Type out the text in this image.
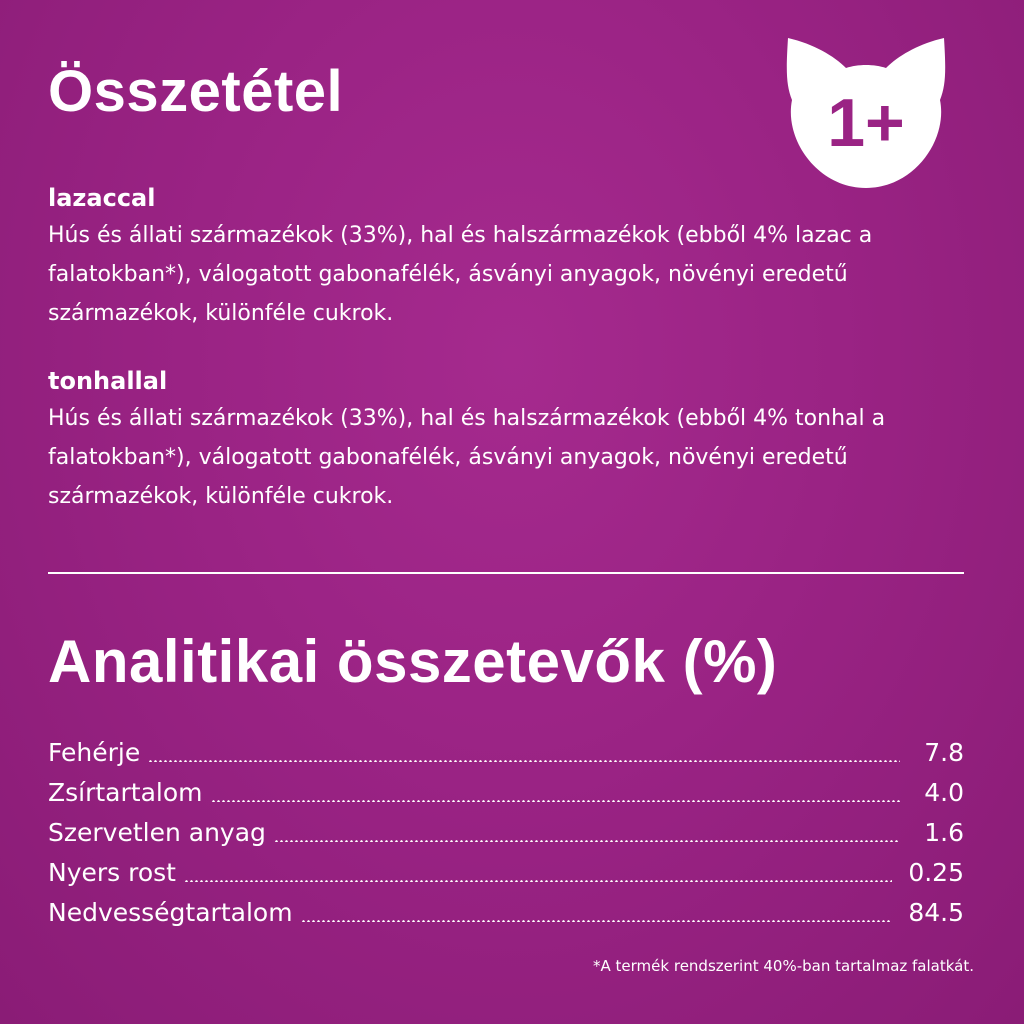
Összetétel	1+

lazaccal

Hús és állati származékok (33%), hal és halszármazékok (ebből 4% lazac a falatokban*), válogatott gabonafélék, ásványi anyagok, növényi eredetű származékok, különféle cukrok.

tonhallal

Hús és állati származékok (33%), hal és halszármazékok (ebből 4% tonhal a falatokban*), válogatott gabonafélék, ásványi anyagok, növényi eredetű származékok, különféle cukrok.

Analitikai összetevők (%)
Fehérje	7.8
Zsírtartalom	4.0
Szervetlen anyag	1.6
Nyers rost	0.25
Nedvességtartalom	84.5
*A termék rendszerint 40%-ban tartalmaz falatkát.
